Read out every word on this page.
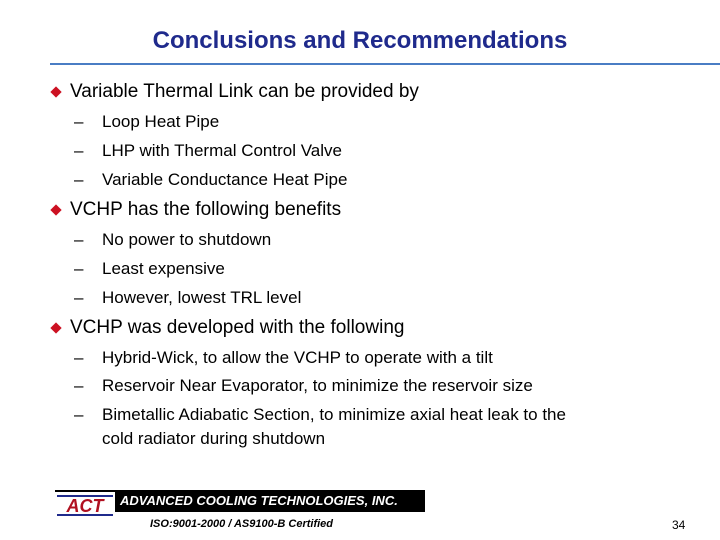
Conclusions and Recommendations
Variable Thermal Link can be provided by
– Loop Heat Pipe
– LHP with Thermal Control Valve
– Variable Conductance Heat Pipe
VCHP has the following benefits
– No power to shutdown
– Least expensive
– However, lowest TRL level
VCHP was developed with the following
– Hybrid-Wick, to allow the VCHP to operate with a tilt
– Reservoir Near Evaporator, to minimize the reservoir size
– Bimetallic Adiabatic Section, to minimize axial heat leak to the
cold radiator during shutdown
ACT ADVANCED COOLING TECHNOLOGIES, INC.
ISO:9001-2000 / AS9100-B Certified	34
